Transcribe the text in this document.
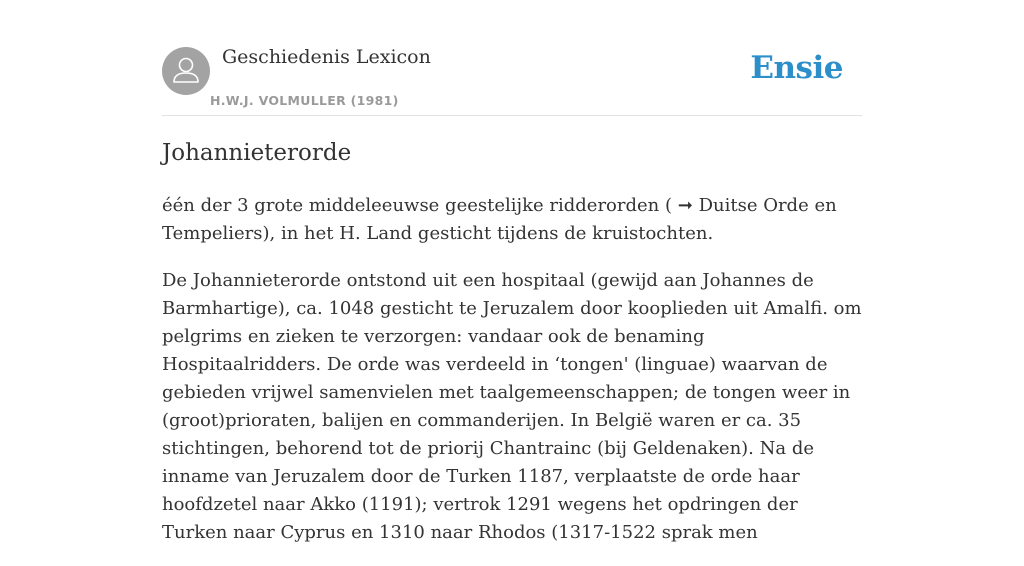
Geschiedenis Lexicon
H.W.J. VOLMULLER (1981)
Ensie
Johannieterorde

één der 3 grote middeleeuwse geestelijke ridderorden ( ➞ Duitse Orde en Tempeliers), in het H. Land gesticht tijdens de kruistochten.

De Johannieterorde ontstond uit een hospitaal (gewijd aan Johannes de Barmhartige), ca. 1048 gesticht te Jeruzalem door kooplieden uit Amalfi. om pelgrims en zieken te verzorgen: vandaar ook de benaming Hospitaalridders. De orde was verdeeld in ‘tongen' (linguae) waarvan de gebieden vrijwel samenvielen met taalgemeenschappen; de tongen weer in (groot)prioraten, balijen en commanderijen. In België waren er ca. 35 stichtingen, behorend tot de priorij Chantrainc (bij Geldenaken). Na de inname van Jeruzalem door de Turken 1187, verplaatste de orde haar hoofdzetel naar Akko (1191); vertrok 1291 wegens het opdringen der Turken naar Cyprus en 1310 naar Rhodos (1317-1522 sprak men
